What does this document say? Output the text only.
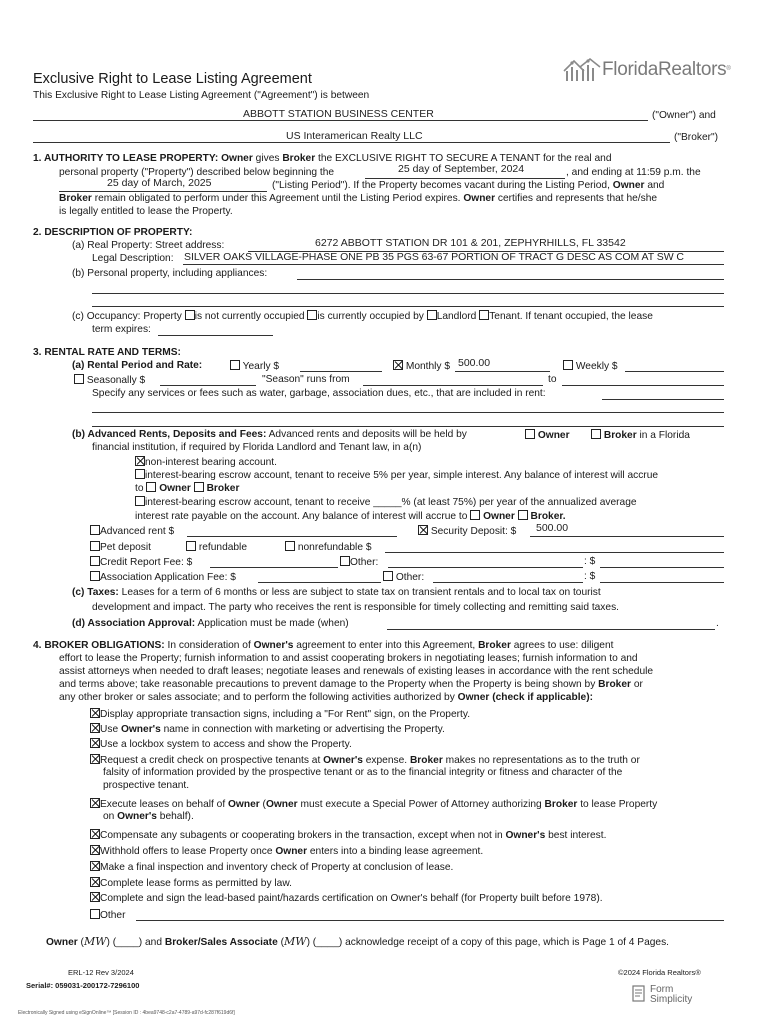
Exclusive Right to Lease Listing Agreement	FloridaRealtors ®
This Exclusive Right to Lease Listing Agreement ("Agreement") is between
ABBOTT STATION BUSINESS CENTER	("Owner") and
US Interamerican Realty LLC	("Broker")
1. AUTHORITY TO LEASE PROPERTY: Owner gives Broker the EXCLUSIVE RIGHT TO SECURE A TENANT for the real and
personal property ("Property") described below beginning the	25 day of September, 2024	, and ending at 11:59 p.m. the
25 day of March, 2025	("Listing Period"). If the Property becomes vacant during the Listing Period, Owner and
Broker remain obligated to perform under this Agreement until the Listing Period expires. Owner certifies and represents that he/she
is legally entitled to lease the Property.
2. DESCRIPTION OF PROPERTY:
(a) Real Property: Street address:	6272 ABBOTT STATION DR 101 & 201, ZEPHYRHILLS, FL 33542
Legal Description: SILVER OAKS VILLAGE-PHASE ONE PB 35 PGS 63-67 PORTION OF TRACT G DESC AS COM AT SW C
(b) Personal property, including appliances:
(c) Occupancy: Property is not currently occupied is currently occupied by Landlord Tenant. If tenant occupied, the lease
term expires:
3. RENTAL RATE AND TERMS:
(a) Rental Period and Rate:	Yearly $	Monthly $ 500.00	Weekly $
Seasonally $	"Season" runs from	to
Specify any services or fees such as water, garbage, association dues, etc., that are included in rent:
(b) Advanced Rents, Deposits and Fees: Advanced rents and deposits will be held by	Owner	Broker in a Florida
financial institution, if required by Florida Landlord and Tenant law, in a(n)
non-interest bearing account.
interest-bearing escrow account, tenant to receive 5% per year, simple interest. Any balance of interest will accrue
to Owner Broker
interest-bearing escrow account, tenant to receive _____% (at least 75%) per year of the annualized average
interest rate payable on the account. Any balance of interest will accrue to Owner Broker.
Advanced rent $	Security Deposit: $ 500.00
Pet deposit	refundable	nonrefundable $
Credit Report Fee: $	Other:	: $
Association Application Fee: $	Other:	: $
(c) Taxes: Leases for a term of 6 months or less are subject to state tax on transient rentals and to local tax on tourist
development and impact. The party who receives the rent is responsible for timely collecting and remitting said taxes.
(d) Association Approval: Application must be made (when)	.
4. BROKER OBLIGATIONS: In consideration of Owner's agreement to enter into this Agreement, Broker agrees to use: diligent
effort to lease the Property; furnish information to and assist cooperating brokers in negotiating leases; furnish information to and
assist attorneys when needed to draft leases; negotiate leases and renewals of existing leases in accordance with the rent schedule
and terms above; take reasonable precautions to prevent damage to the Property when the Property is being shown by Broker or
any other broker or sales associate; and to perform the following activities authorized by Owner (check if applicable):
Display appropriate transaction signs, including a "For Rent" sign, on the Property.
Use Owner's name in connection with marketing or advertising the Property.
Use a lockbox system to access and show the Property.
Request a credit check on prospective tenants at Owner's expense. Broker makes no representations as to the truth or
falsity of information provided by the prospective tenant or as to the financial integrity or fitness and character of the
prospective tenant.
Execute leases on behalf of Owner (Owner must execute a Special Power of Attorney authorizing Broker to lease Property
on Owner's behalf).
Compensate any subagents or cooperating brokers in the transaction, except when not in Owner's best interest.
Withhold offers to lease Property once Owner enters into a binding lease agreement.
Make a final inspection and inventory check of Property at conclusion of lease.
Complete lease forms as permitted by law.
Complete and sign the lead-based paint/hazards certification on Owner's behalf (for Property built before 1978).
Other
Owner (MW) (____) and Broker/Sales Associate (MW) (____) acknowledge receipt of a copy of this page, which is Page 1 of 4 Pages.
ERL-12 Rev 3/2024	©2024 Florida Realtors®
Serial#: 059031-200172-7296100
Electronically Signed using eSignOnline™ [Session ID : 4bea9748-c2a7-4789-a97d-fc287f619d6f]
Form
Simplicity
